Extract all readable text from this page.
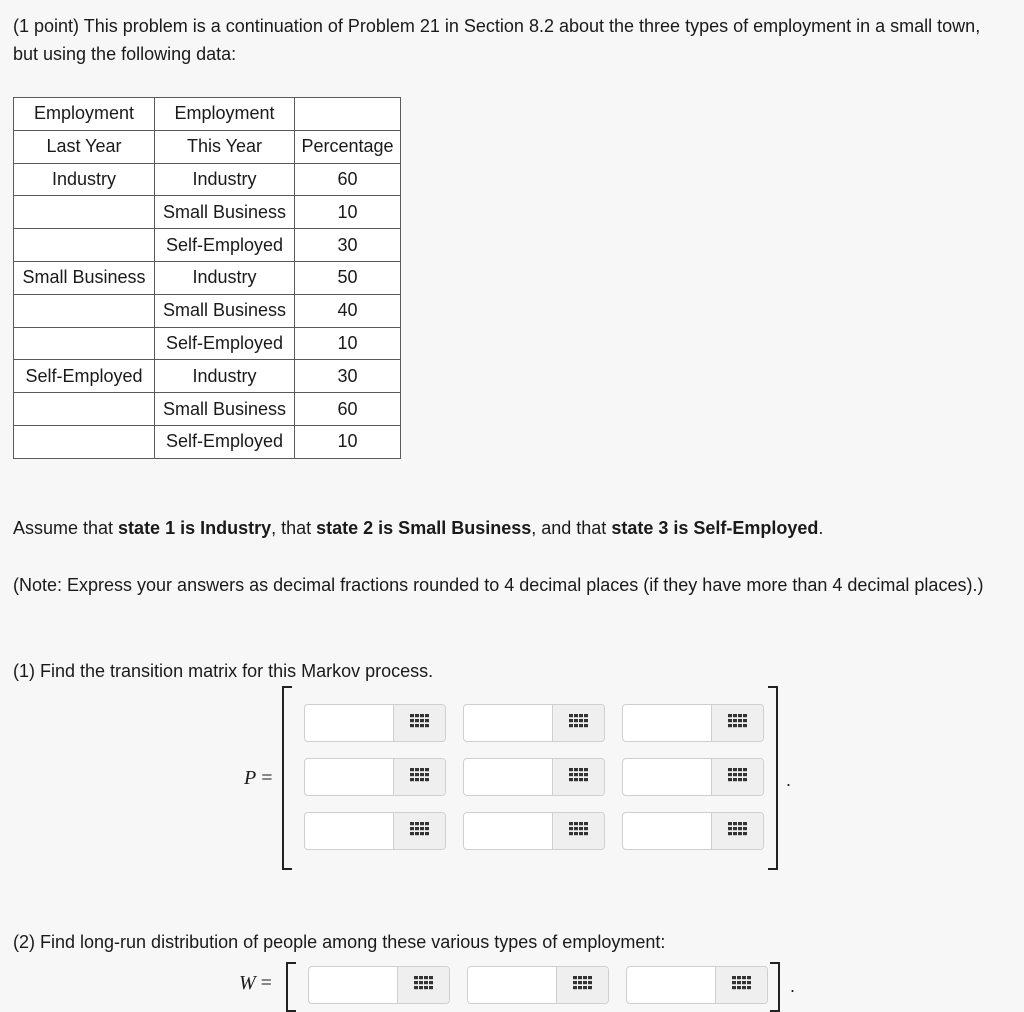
(1 point) This problem is a continuation of Problem 21 in Section 8.2 about the three types of employment in a small town, but using the following data:

Employment	Employment	
Last Year	This Year	Percentage
Industry	Industry	60
	Small Business	10
	Self-Employed	30
Small Business	Industry	50
	Small Business	40
	Self-Employed	10
Self-Employed	Industry	30
	Small Business	60
	Self-Employed	10

Assume that state 1 is Industry, that state 2 is Small Business, and that state 3 is Self-Employed.

(Note: Express your answers as decimal fractions rounded to 4 decimal places (if they have more than 4 decimal places).)

(1) Find the transition matrix for this Markov process.

(2) Find long-run distribution of people among these various types of employment:

P =	.
W =	.
